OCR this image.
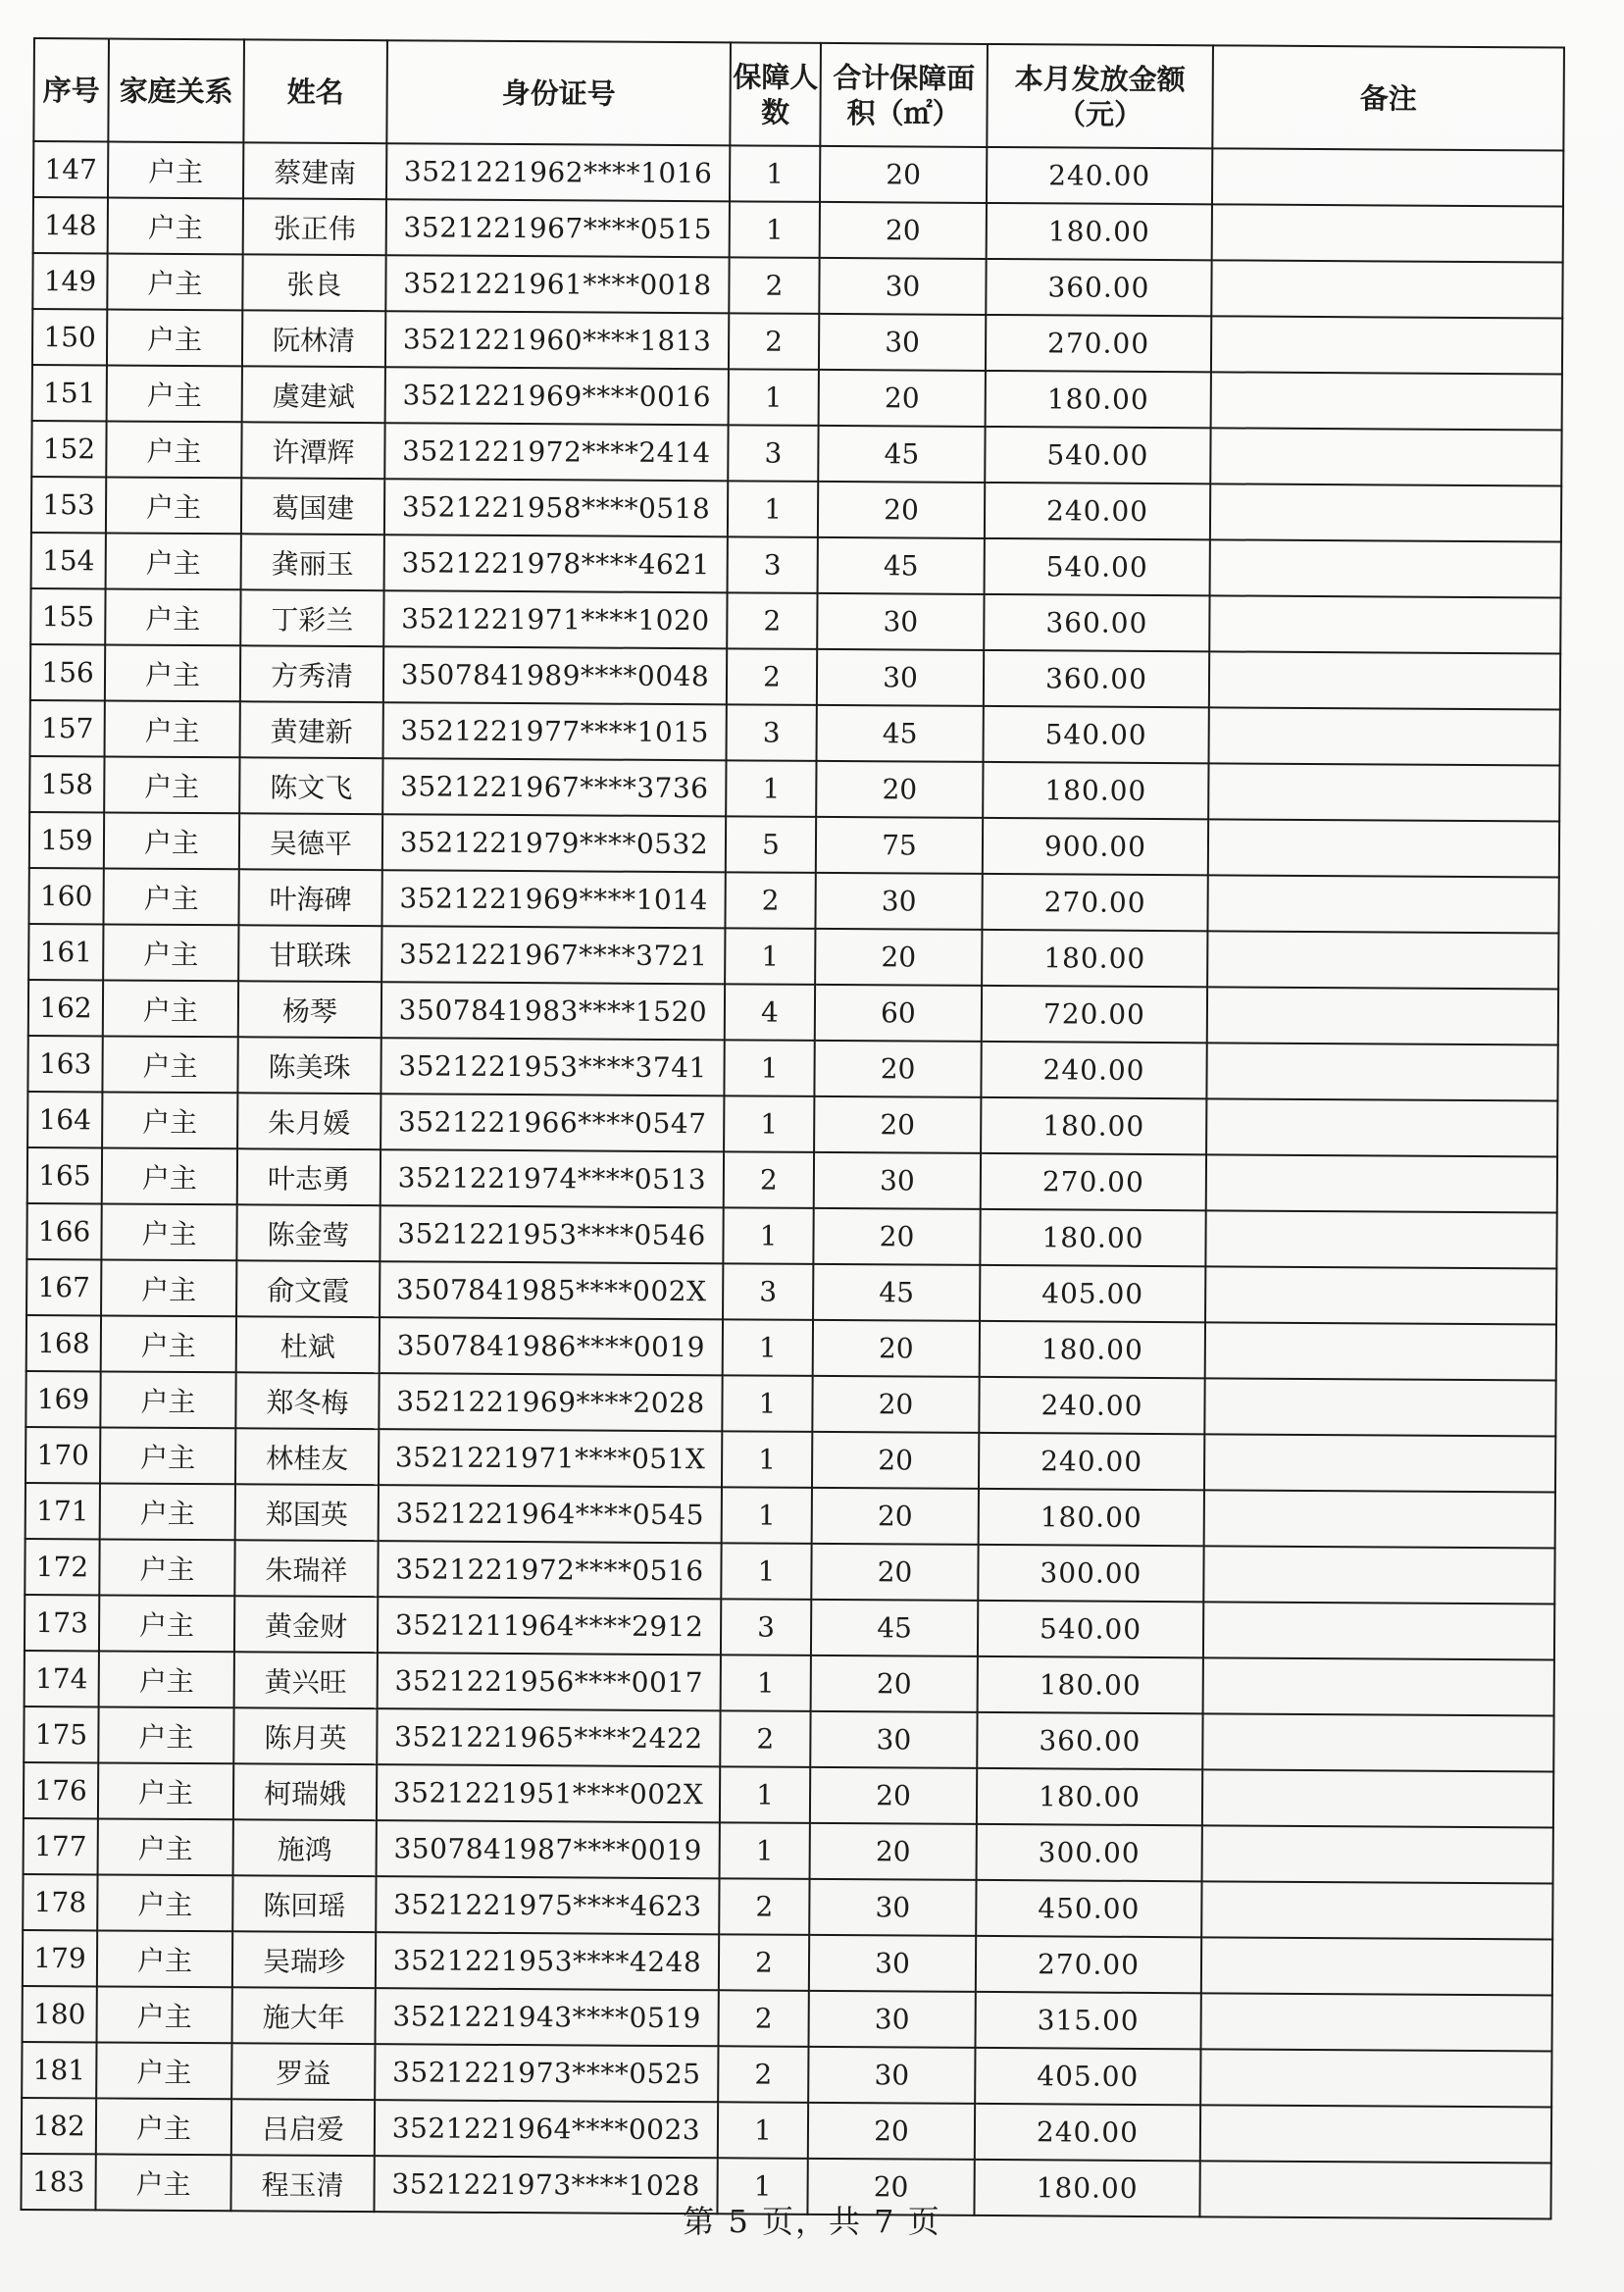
序号	家庭关系	姓名	身份证号	保障人数	合计保障面积（㎡）	本月发放金额（元）	备注
147	户主	蔡建南	3521221962****1016	1	20	240.00	
148	户主	张正伟	3521221967****0515	1	20	180.00	
149	户主	张良	3521221961****0018	2	30	360.00	
150	户主	阮林清	3521221960****1813	2	30	270.00	
151	户主	虞建斌	3521221969****0016	1	20	180.00	
152	户主	许潭辉	3521221972****2414	3	45	540.00	
153	户主	葛国建	3521221958****0518	1	20	240.00	
154	户主	龚丽玉	3521221978****4621	3	45	540.00	
155	户主	丁彩兰	3521221971****1020	2	30	360.00	
156	户主	方秀清	3507841989****0048	2	30	360.00	
157	户主	黄建新	3521221977****1015	3	45	540.00	
158	户主	陈文飞	3521221967****3736	1	20	180.00	
159	户主	吴德平	3521221979****0532	5	75	900.00	
160	户主	叶海碑	3521221969****1014	2	30	270.00	
161	户主	甘联珠	3521221967****3721	1	20	180.00	
162	户主	杨琴	3507841983****1520	4	60	720.00	
163	户主	陈美珠	3521221953****3741	1	20	240.00	
164	户主	朱月媛	3521221966****0547	1	20	180.00	
165	户主	叶志勇	3521221974****0513	2	30	270.00	
166	户主	陈金莺	3521221953****0546	1	20	180.00	
167	户主	俞文霞	3507841985****002X	3	45	405.00	
168	户主	杜斌	3507841986****0019	1	20	180.00	
169	户主	郑冬梅	3521221969****2028	1	20	240.00	
170	户主	林桂友	3521221971****051X	1	20	240.00	
171	户主	郑国英	3521221964****0545	1	20	180.00	
172	户主	朱瑞祥	3521221972****0516	1	20	300.00	
173	户主	黄金财	3521211964****2912	3	45	540.00	
174	户主	黄兴旺	3521221956****0017	1	20	180.00	
175	户主	陈月英	3521221965****2422	2	30	360.00	
176	户主	柯瑞娥	3521221951****002X	1	20	180.00	
177	户主	施鸿	3507841987****0019	1	20	300.00	
178	户主	陈回瑶	3521221975****4623	2	30	450.00	
179	户主	吴瑞珍	3521221953****4248	2	30	270.00	
180	户主	施大年	3521221943****0519	2	30	315.00	
181	户主	罗益	3521221973****0525	2	30	405.00	
182	户主	吕启爱	3521221964****0023	1	20	240.00	
183	户主	程玉清	3521221973****1028	1	20	180.00	
第 5 页，共 7 页
